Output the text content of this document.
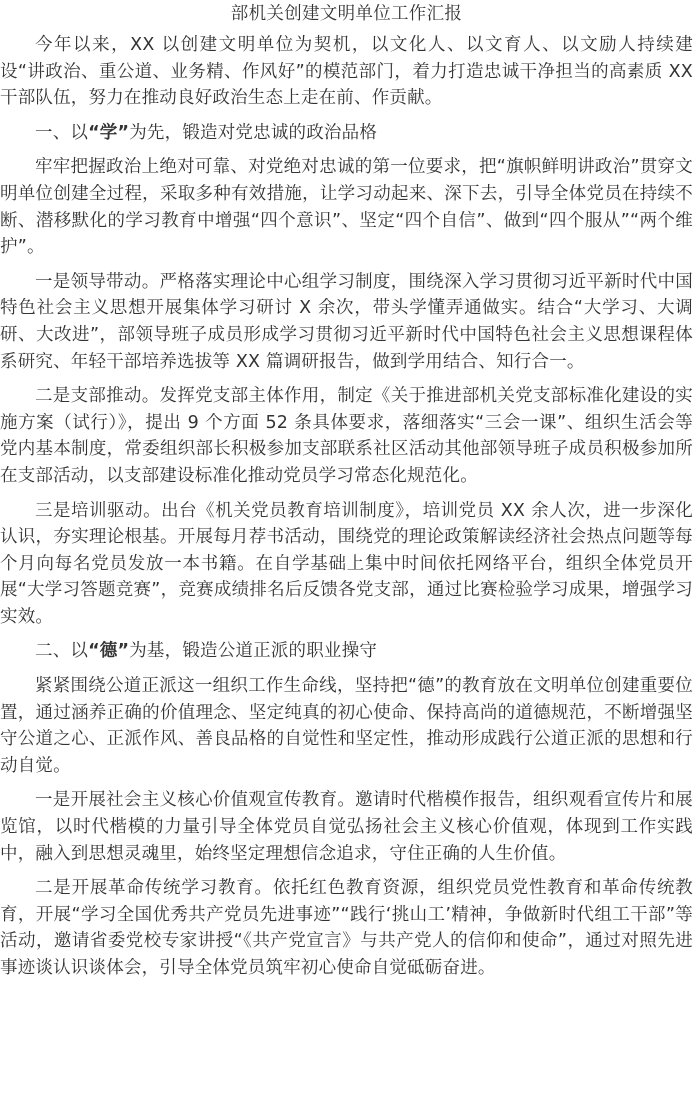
部机关创建文明单位工作汇报

今年以来，XX 以创建文明单位为契机，以文化人、以文育人、以文励人持续建设“讲政治、重公道、业务精、作风好”的模范部门，着力打造忠诚干净担当的高素质 XX 干部队伍，努力在推动良好政治生态上走在前、作贡献。

一、以“学”为先，锻造对党忠诚的政治品格

牢牢把握政治上绝对可靠、对党绝对忠诚的第一位要求，把“旗帜鲜明讲政治”贯穿文明单位创建全过程，采取多种有效措施，让学习动起来、深下去，引导全体党员在持续不断、潜移默化的学习教育中增强“四个意识”、坚定“四个自信”、做到“四个服从”“两个维护”。

一是领导带动。严格落实理论中心组学习制度，围绕深入学习贯彻习近平新时代中国特色社会主义思想开展集体学习研讨 X 余次，带头学懂弄通做实。结合“大学习、大调研、大改进”，部领导班子成员形成学习贯彻习近平新时代中国特色社会主义思想课程体系研究、年轻干部培养选拔等 XX 篇调研报告，做到学用结合、知行合一。

二是支部推动。发挥党支部主体作用，制定《关于推进部机关党支部标准化建设的实施方案（试行）》，提出 9 个方面 52 条具体要求，落细落实“三会一课”、组织生活会等党内基本制度，常委组织部长积极参加支部联系社区活动其他部领导班子成员积极参加所在支部活动，以支部建设标准化推动党员学习常态化规范化。

三是培训驱动。出台《机关党员教育培训制度》，培训党员 XX 余人次，进一步深化认识，夯实理论根基。开展每月荐书活动，围绕党的理论政策解读经济社会热点问题等每个月向每名党员发放一本书籍。在自学基础上集中时间依托网络平台，组织全体党员开展“大学习答题竞赛”，竞赛成绩排名后反馈各党支部，通过比赛检验学习成果，增强学习实效。

二、以“德”为基，锻造公道正派的职业操守

紧紧围绕公道正派这一组织工作生命线，坚持把“德”的教育放在文明单位创建重要位置，通过涵养正确的价值理念、坚定纯真的初心使命、保持高尚的道德规范，不断增强坚守公道之心、正派作风、善良品格的自觉性和坚定性，推动形成践行公道正派的思想和行动自觉。

一是开展社会主义核心价值观宣传教育。邀请时代楷模作报告，组织观看宣传片和展览馆，以时代楷模的力量引导全体党员自觉弘扬社会主义核心价值观，体现到工作实践中，融入到思想灵魂里，始终坚定理想信念追求，守住正确的人生价值。

二是开展革命传统学习教育。依托红色教育资源，组织党员党性教育和革命传统教育，开展“学习全国优秀共产党员先进事迹”“践行‘挑山工’精神，争做新时代组工干部”等活动，邀请省委党校专家讲授“《共产党宣言》与共产党人的信仰和使命”，通过对照先进事迹谈认识谈体会，引导全体党员筑牢初心使命自觉砥砺奋进。
